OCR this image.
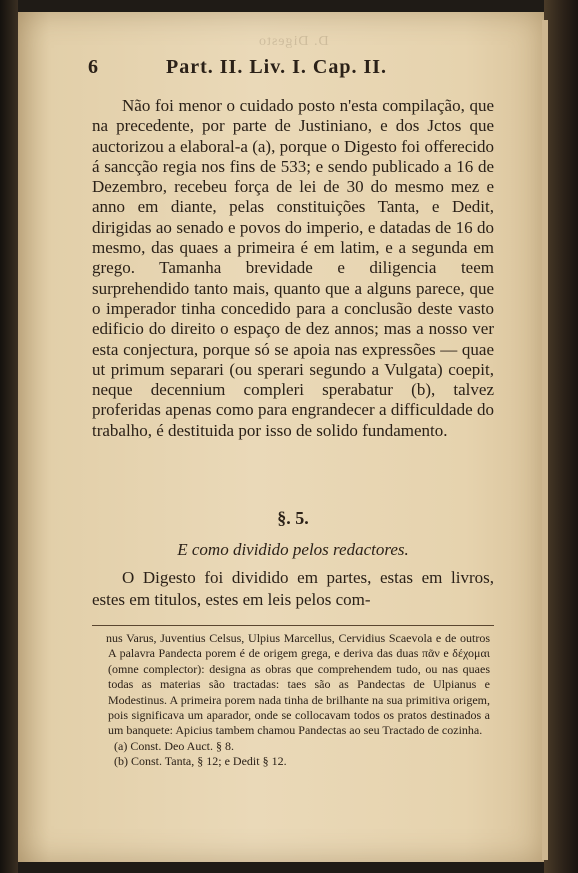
D. Digesto
6	Part. II. Liv. I. Cap. II.

Não foi menor o cuidado posto n'esta compilação, que na precedente, por parte de Justiniano, e dos Jctos que auctorizou a elaboral-a (a), porque o Digesto foi offerecido á sancção regia nos fins de 533; e sendo publicado a 16 de Dezembro, recebeu força de lei de 30 do mesmo mez e anno em diante, pelas constituições Tanta, e Dedit, dirigidas ao senado e povos do imperio, e datadas de 16 do mesmo, das quaes a primeira é em latim, e a segunda em grego. Tamanha brevidade e diligencia teem surprehendido tanto mais, quanto que a alguns parece, que o imperador tinha concedido para a conclusão deste vasto edificio do direito o espaço de dez annos; mas a nosso ver esta conjectura, porque só se apoia nas expressões — quae ut primum separari (ou sperari segundo a Vulgata) coepit, neque decennium compleri sperabatur (b), talvez proferidas apenas como para engrandecer a difficuldade do trabalho, é destituida por isso de solido fundamento.

§. 5.
E como dividido pelos redactores.

O Digesto foi dividido em partes, estas em livros, estes em titulos, estes em leis pelos com-

nus Varus, Juventius Celsus, Ulpius Marcellus, Cervidius Scaevola e de outros A palavra Pandecta porem é de origem grega, e deriva das duas πᾶν e δέχομαι (omne complector): designa as obras que comprehendem tudo, ou nas quaes todas as materias são tractadas: taes são as Pandectas de Ulpianus e Modestinus. A primeira porem nada tinha de brilhante na sua primitiva origem, pois significava um aparador, onde se collocavam todos os pratos destinados a um banquete: Apicius tambem chamou Pandectas ao seu Tractado de cozinha.

(a) Const. Deo Auct. § 8.

(b) Const. Tanta, § 12; e Dedit § 12.
